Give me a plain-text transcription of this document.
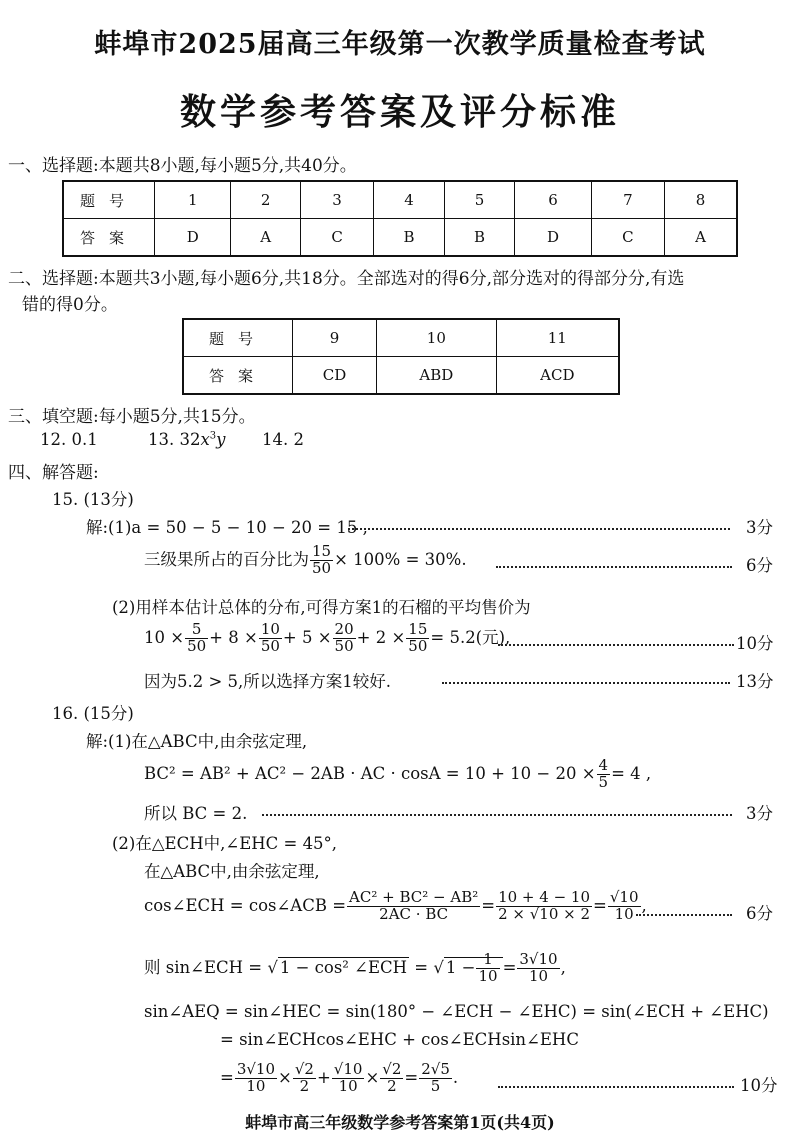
蚌埠市2025届高三年级第一次教学质量检查考试
数学参考答案及评分标准
一、选择题:本题共8小题,每小题5分,共40分。
题号	1	2	3	4	5	6	7	8
答案	D	A	C	B	B	D	C	A
二、选择题:本题共3小题,每小题6分,共18分。全部选对的得6分,部分选对的得部分分,有选
错的得0分。
题号	9	10	11
答案	CD	ABD	ACD
三、填空题:每小题5分,共15分。
12. 0.1	13. $32x^3y$ 14. 2
四、解答题:
15. (13分)
解:(1)a = 50 − 5 − 10 − 20 = 15 ,	3分
三级果所占的百分比为 $\frac{15}{50} \times 100\% = 30\%$.	6分
(2)用样本估计总体的分布,可得方案1的石榴的平均售价为
$10 \times \frac{5}{50} + 8 \times \frac{10}{50} + 5 \times \frac{20}{50} + 2 \times \frac{15}{50} = 5.2$(元),	10分
因为5.2 > 5,所以选择方案1较好.	13分
16. (15分)
解:(1)在△ABC中,由余弦定理,
BC² = AB² + AC² − 2AB · AC · $\cos A = 10 + 10 - 20 \times \frac{4}{5} = 4$ ,
所以 BC = 2.	3分
(2)在△ECH中,∠EHC = 45°,
在△ABC中,由余弦定理,
cos∠ECH = cos∠ACB = $\frac{\text{AC² + BC² − AB²}}{2AC \cdot BC} = \frac{10 + 4 - 10}{2 \times √10 \times 2} = \frac{√10}{10}$ ,	6分
则 sin∠ECH = √ 1 − cos² ∠ECH = √ $1 - \frac{1}{10} = \frac{3√10}{10}$ ,
sin∠AEQ = sin∠HEC = sin(180° − ∠ECH − ∠EHC) = sin(∠ECH + ∠EHC)
= sin∠ECHcos∠EHC + cos∠ECHsin∠EHC
= $\frac{3√10}{10} \times \frac{√2}{2} + \frac{√10}{10} \times \frac{√2}{2} = \frac{2√5}{5}$ .	10分
蚌埠市高三年级数学参考答案第1页(共4页)
